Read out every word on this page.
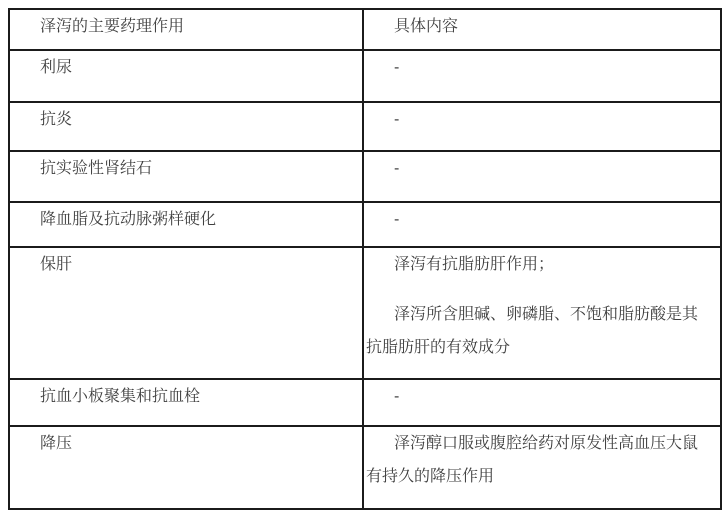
泽泻的主要药理作用	具体内容

利尿	-

抗炎	-

抗实验性肾结石	-

降血脂及抗动脉粥样硬化	-

保肝	泽泻有抗脂肪肝作用；

泽泻所含胆碱、卵磷脂、不饱和脂肪酸是其抗脂肪肝的有效成分

抗血小板聚集和抗血栓	-

降压	泽泻醇口服或腹腔给药对原发性高血压大鼠有持久的降压作用
